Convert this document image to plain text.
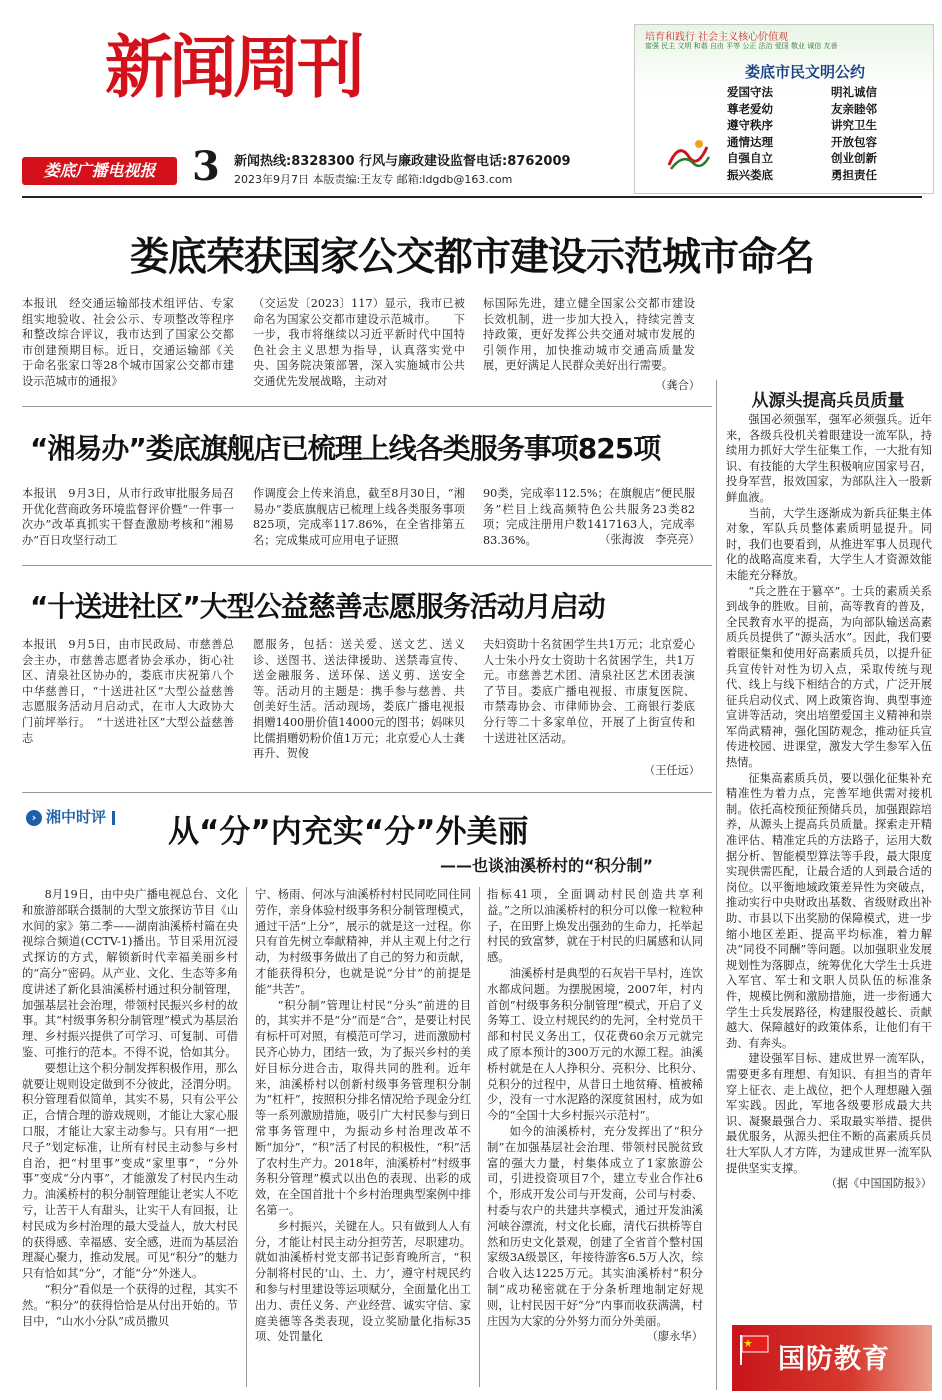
新闻周刊
娄底广播电视报 3 新闻热线:8328300 行风与廉政建设监督电话:8762009
2023年9月7日 本版责编:王友专 邮箱:ldgdb@163.com
培育和践行 社会主义核心价值观
富强 民主 文明 和谐 自由 平等 公正 法治 爱国 敬业 诚信 友善
娄底市民文明公约
爱国守法	明礼诚信
尊老爱幼	友亲睦邻
遵守秩序	讲究卫生
通情达理	开放包容
自强自立	创业创新
振兴娄底	勇担责任
娄底荣获国家公交都市建设示范城市命名
本报讯　经交通运输部技术组评估、专家组实地验收、社会公示、专项整改等程序和整改综合评议，我市达到了国家公交都市创建预期目标。近日，交通运输部《关于命名张家口等28个城市国家公交都市建设示范城市的通报》
（交运发〔2023〕117）显示，我市已被命名为国家公交都市建设示范城市。　　下一步，我市将继续以习近平新时代中国特色社会主义思想为指导，认真落实党中央、国务院决策部署，深入实施城市公共交通优先发展战略，主动对
标国际先进，建立健全国家公交都市建设长效机制，进一步加大投入，持续完善支持政策，更好发挥公共交通对城市发展的引领作用，加快推动城市交通高质量发展，更好满足人民群众美好出行需要。
（龚合）
“湘易办”娄底旗舰店已梳理上线各类服务事项825项
本报讯　9月3日，从市行政审批服务局召开优化营商政务环境监督评价暨“一件事一次办”改革真抓实干督查激励考核和“湘易办”百日攻坚行动工
作调度会上传来消息，截至8月30日，“湘易办”娄底旗舰店已梳理上线各类服务事项825项，完成率117.86%，在全省排第五名；完成集成可应用电子证照
90类，完成率112.5%；在旗舰店“便民服务”栏目上线高频特色公共服务23类82项；完成注册用户数1417163人，完成率83.36%。	（张海波　李亮亮）
“十送进社区”大型公益慈善志愿服务活动月启动
本报讯　9月5日，由市民政局、市慈善总会主办，市慈善志愿者协会承办，街心社区、清泉社区协办的，娄底市庆祝第八个中华慈善日，“十送进社区”大型公益慈善志愿服务活动月启动式，在市人大政协大门前坪举行。　“十送进社区”大型公益慈善志
愿服务，包括：送关爱、送文艺、送义诊、送图书、送法律援助、送禁毒宣传、送金融服务、送环保、送义剪、送安全等。活动月的主题是：携手参与慈善、共创美好生活。活动现场，娄底广播电视报捐赠1400册价值14000元的图书；妈咪贝比儒捐赠奶粉价值1万元；北京爱心人士龚再升、贺俊
夫妇资助十名贫困学生共1万元；北京爱心人士朱小丹女士资助十名贫困学生，共1万元。市慈善艺术团、清泉社区艺术团表演了节目。娄底广播电视报、市康复医院、市禁毒协会、市律师协会、工商银行娄底分行等二十多家单位，开展了上街宣传和十送进社区活动。
（王任远）
从源头提高兵员质量

强国必须强军，强军必须强兵。近年来，各级兵役机关着眼建设一流军队，持续用力抓好大学生征集工作，一大批有知识、有技能的大学生积极响应国家号召，投身军营，报效国家，为部队注入一股新鲜血液。

当前，大学生逐渐成为新兵征集主体对象，军队兵员整体素质明显提升。同时，我们也要看到，从推进军事人员现代化的战略高度来看，大学生人才资源效能未能充分释放。

“兵之胜在于篡卒”。士兵的素质关系到战争的胜败。目前，高等教育的普及，全民教育水平的提高，为向部队输送高素质兵员提供了“源头活水”。因此，我们要着眼征集和使用好高素质兵员，以提升征兵宣传针对性为切入点，采取传统与现代、线上与线下相结合的方式，广泛开展征兵启动仪式、网上政策咨询、典型事迹宣讲等活动，突出培塑爱国主义精神和崇军尚武精神，强化国防观念，推动征兵宣传进校园、进课堂，激发大学生参军入伍热情。

征集高素质兵员，要以强化征集补充精准性为着力点，完善军地供需对接机制。依托高校预征预储兵员，加强跟踪培养，从源头上提高兵员质量。探索走开精准评估、精准定兵的方法路子，运用大数据分析、智能模型算法等手段，最大限度实现供需匹配，让最合适的人到最合适的岗位。以平衡地域政策差异性为突破点，推动实行中央财政出基数、省级财政出补助、市县以下出奖励的保障模式，进一步缩小地区差距、提高平均标准，着力解决“同役不同酬”等问题。以加强职业发展规划性为落脚点，统筹优化大学生士兵进入军官、军士和文职人员队伍的标准条件，规模比例和激励措施，进一步衔通大学生士兵发展路径，构建服役越长、贡献越大、保障越好的政策体系，让他们有干劲、有奔头。

建设强军目标、建成世界一流军队，需要更多有理想、有知识、有担当的青年穿上征衣、走上战位，把个人理想融入强军实践。因此，军地各级要形成最大共识、凝聚最强合力、采取最实举措、提供最优服务，从源头把住不断的高素质兵员壮大军队人才方阵，为建成世界一流军队提供坚实支撑。

（据《中国国防报》）

国防教育
› 湘中时评	从“分”内充实“分”外美丽
——也谈油溪桥村的“积分制”

8月19日，由中央广播电视总台、文化和旅游部联合摄制的大型文旅探访节目《山水间的家》第二季——湖南油溪桥村篇在央视综合频道(CCTV-1)播出。节目采用沉浸式探访的方式，解锁新时代幸福美丽乡村的“高分”密码。从产业、文化、生态等多角度讲述了新化县油溪桥村通过积分制管理，加强基层社会治理，带领村民振兴乡村的故事。其“村级事务积分制管理”模式为基层治理、乡村振兴提供了可学习、可复制、可借鉴、可推行的范本。不得不说，恰如其分。

要想让这个积分制发挥积极作用，那么就要让规则设定做到不分彼此，泾渭分明。积分管理看似简单，其实不易，只有公平公正，合情合理的游戏规则，才能让大家心服口服，才能让大家主动参与。只有用“一把尺子”划定标准，让所有村民主动参与乡村自治，把“村里事”变成“家里事”，“分外事”变成“分内事”，才能激发了村民内生动力。油溪桥村的积分制管理能让老实人不吃亏，让苦干人有甜头，让实干人有回报，让村民成为乡村治理的最大受益人，放大村民的获得感、幸福感、安全感，进而为基层治理凝心聚力，推动发展。可见“积分”的魅力只有恰如其“分”，才能“分”外迷人。

“积分”看似是一个获得的过程，其实不然。“积分”的获得恰恰是从付出开始的。节目中，“山水小分队”成员撒贝

宁、杨雨、何冰与油溪桥村村民同吃同住同劳作，亲身体验村级事务积分制管理模式，通过干活“上分”，展示的就是这一过程。你只有首先树立奉献精神，并从主观上付之行动，为村级事务做出了自己的努力和贡献，才能获得积分，也就是说“分甘”的前提是能“共苦”。

“积分制”管理让村民“分头”前进的目的，其实并不是“分”而是“合”，是要让村民有标杆可对照，有模范可学习，进而激励村民齐心协力，团结一致，为了振兴乡村的美好目标分进合击，取得共同的胜利。近年来，油溪桥村以创新村级事务管理积分制为“杠杆”，按照积分排名情况给予现金分红等一系列激励措施，吸引广大村民参与到日常事务管理中，为振动乡村治理改革不断“加分”，“积”活了村民的积极性，“积”活了农村生产力。2018年，油溪桥村“村级事务积分管理”模式以出色的表现、出彩的成效，在全国首批十个乡村治理典型案例中排名第一。

乡村振兴，关键在人。只有做到人人有分，才能让村民主动分担劳苦，尽职建功。就如油溪桥村党支部书记彭育晚所言，“积分制将村民的‘山、土、力’，遵守村规民约和参与村里建设等运项赋分，全面量化出工出力、责任义务、产业经营、诚实守信、家庭美德等各类表现，设立奖励量化指标35项、处罚量化

指标41项，全面调动村民创造共享利益。”之所以油溪桥村的积分可以像一粒粒种子，在田野上焕发出强劲的生命力，托举起村民的致富梦，就在于村民的归属感和认同感。

油溪桥村是典型的石灰岩干旱村，连饮水都成问题。为摆脱困境，2007年，村内首创“村级事务积分制管理”模式，开启了义务筹工、设立村规民约的先河，全村党员干部和村民义务出工，仅花费60余万元就完成了原本预计的300万元的水源工程。油溪桥村就是在人人挣积分、亮积分、比积分、兑积分的过程中，从昔日土地贫瘠、植被稀少，没有一寸水泥路的深度贫困村，成为如今的“全国十大乡村振兴示范村”。

如今的油溪桥村，充分发挥出了“积分制”在加强基层社会治理、带领村民脱贫致富的强大力量，村集体成立了1家旅游公司，引进投资项目7个，建立专业合作社6个，形成开发公司与开发商，公司与村委、村委与农户的共建共享模式，通过开发油溪河峡谷漂流，村文化长廊，清代石拱桥等自然和历史文化景观，创建了全省首个整村国家级3A级景区，年接待游客6.5万人次，综合收入达1225万元。其实油溪桥村“积分制”成功秘密就在于分条析理地制定好规则，让村民因干好“分”内事而收获满满，村庄因为大家的分外努力而分外美丽。

（廖永华）
